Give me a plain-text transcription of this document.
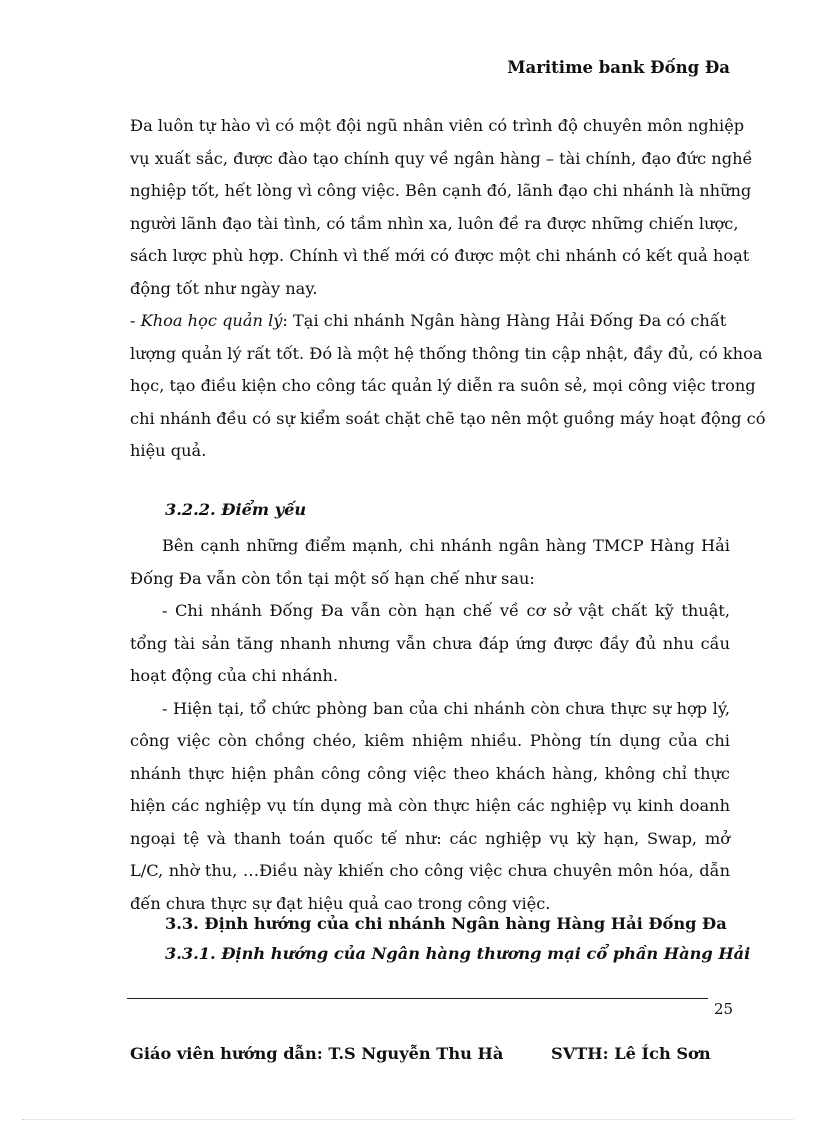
Maritime bank Đống Đa
Đa luôn tự hào vì có một đội ngũ nhân viên có trình độ chuyên môn nghiệp
vụ xuất sắc, được đào tạo chính quy về ngân hàng – tài chính, đạo đức nghề
nghiệp tốt, hết lòng vì công việc. Bên cạnh đó, lãnh đạo chi nhánh là những
người lãnh đạo tài tình, có tầm nhìn xa, luôn đề ra được những chiến lược,
sách lược phù hợp. Chính vì thế mới có được một chi nhánh có kết quả hoạt
động tốt như ngày nay.
- Khoa học quản lý: Tại chi nhánh Ngân hàng Hàng Hải Đống Đa có chất
lượng quản lý rất tốt. Đó là một hệ thống thông tin cập nhật, đầy đủ, có khoa
học, tạo điều kiện cho công tác quản lý diễn ra suôn sẻ, mọi công việc trong
chi nhánh đều có sự kiểm soát chặt chẽ tạo nên một guồng máy hoạt động có
hiệu quả.
3.2.2. Điểm yếu
Bên cạnh những điểm mạnh, chi nhánh ngân hàng TMCP Hàng Hải Đống Đa vẫn còn tồn tại một số hạn chế như sau:
- Chi nhánh Đống Đa vẫn còn hạn chế về cơ sở vật chất kỹ thuật, tổng tài sản tăng nhanh nhưng vẫn chưa đáp ứng được đầy đủ nhu cầu hoạt động của chi nhánh.
- Hiện tại, tổ chức phòng ban của chi nhánh còn chưa thực sự hợp lý, công việc còn chồng chéo, kiêm nhiệm nhiều. Phòng tín dụng của chi nhánh thực hiện phân công công việc theo khách hàng, không chỉ thực hiện các nghiệp vụ tín dụng mà còn thực hiện các nghiệp vụ kinh doanh ngoại tệ và thanh toán quốc tế như: các nghiệp vụ kỳ hạn, Swap, mở L/C, nhờ thu, …Điều này khiến cho công việc chưa chuyên môn hóa, dẫn đến chưa thực sự đạt hiệu quả cao trong công việc.
3.3. Định hướng của chi nhánh Ngân hàng Hàng Hải Đống Đa
3.3.1. Định hướng của Ngân hàng thương mại cổ phần Hàng Hải
25
Giáo viên hướng dẫn: T.S Nguyễn Thu Hà	SVTH: Lê Ích Sơn
